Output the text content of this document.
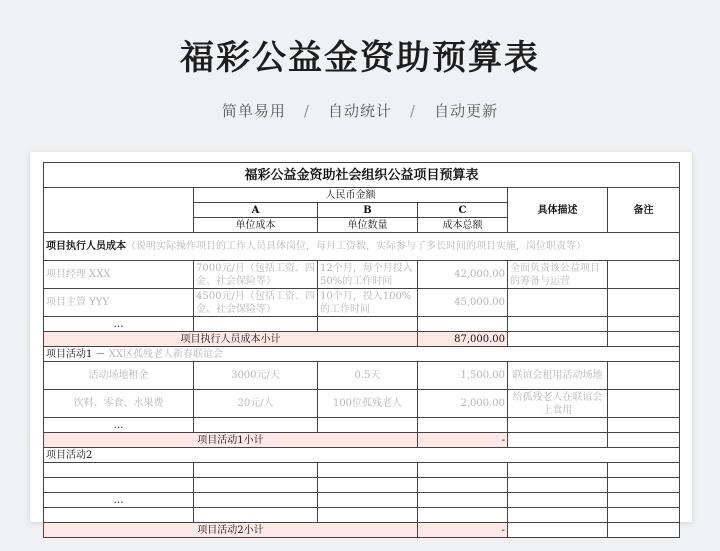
福彩公益金资助预算表
简单易用 / 自动统计 / 自动更新
福彩公益金资助社会组织公益项目预算表					
	人民币金额			具体描述	备注
	A	B	C		
	单位成本	单位数量	成本总额		
项目执行人员成本（说明实际操作项目的工作人员具体岗位，每月工资数，实际参与了多长时间的项目实施，岗位职责等）					
项目经理 XXX	7000元/月（包括工资、四金、社会保险等）	12个月，每个月投入50%的工作时间	42,000.00	全面负责该公益项目的筹备与运营	
项目主管 YYY	4500元/月（包括工资、四金、社会保险等）	10个月，投入100%的工作时间	45,000.00		
…					
项目执行人员成本小计			87,000.00		
项目活动1 － XX区孤残老人新春联谊会					
活动场地租金	3000元/天	0.5天	1,500.00	联谊会租用活动场地	
饮料、零食、水果费	20元/人	100位孤残老人	2,000.00	给孤残老人在联谊会上食用	
…					
项目活动1小计			-		
项目活动2					

…					

项目活动2小计			-		
